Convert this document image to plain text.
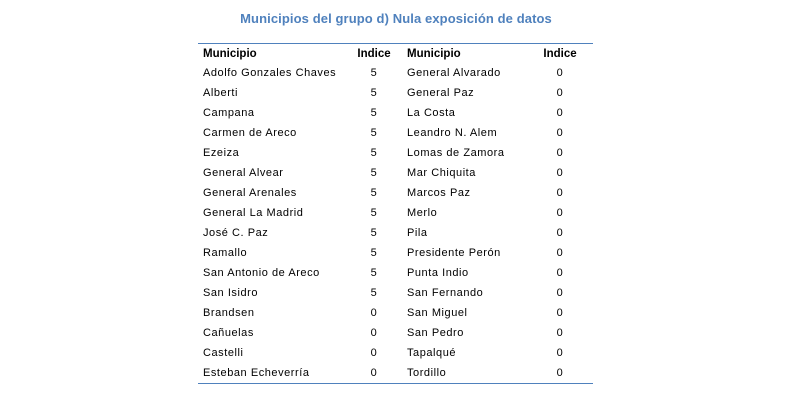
Municipios del grupo d) Nula exposición de datos
Municipio	Indice	Municipio	Indice
Adolfo Gonzales Chaves	5	General Alvarado	0
Alberti	5	General Paz	0
Campana	5	La Costa	0
Carmen de Areco	5	Leandro N. Alem	0
Ezeiza	5	Lomas de Zamora	0
General Alvear	5	Mar Chiquita	0
General Arenales	5	Marcos Paz	0
General La Madrid	5	Merlo	0
José C. Paz	5	Pila	0
Ramallo	5	Presidente Perón	0
San Antonio de Areco	5	Punta Indio	0
San Isidro	5	San Fernando	0
Brandsen	0	San Miguel	0
Cañuelas	0	San Pedro	0
Castelli	0	Tapalqué	0
Esteban Echeverría	0	Tordillo	0
